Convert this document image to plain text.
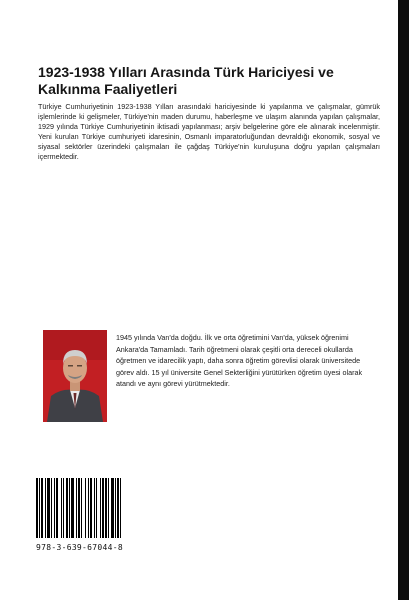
1923-1938 Yılları Arasında Türk Hariciyesi ve Kalkınma Faaliyetleri
Türkiye Cumhuriyetinin 1923-1938 Yılları arasındaki hariciyesinde ki yapılanma ve çalışmalar, gümrük işlemlerinde ki gelişmeler, Türkiye'nin maden durumu, haberleşme ve ulaşım alanında yapılan çalışmalar, 1929 yılında Türkiye Cumhuriyetinin iktisadi yapılanması; arşiv belgelerine göre ele alınarak incelenmiştir. Yeni kurulan Türkiye cumhuriyeti idaresinin, Osmanlı imparatorluğundan devraldığı ekonomik, sosyal ve siyasal sektörler üzerindeki çalışmaları ile çağdaş Türkiye'nin kuruluşuna doğru yapılan çalışmaları içermektedir.
1945 yılında Van'da doğdu. İlk ve orta öğretimini Van'da, yüksek öğrenimi Ankara'da Tamamladı. Tarih öğretmeni olarak çeşitli orta dereceli okullarda öğretmen ve idarecilik yaptı, daha sonra öğretim görevlisi olarak üniversitede görev aldı. 15 yıl üniversite Genel Sekterliğini yürütürken öğretim üyesi olarak atandı ve aynı görevi yürütmektedir.
978-3-639-67044-8
